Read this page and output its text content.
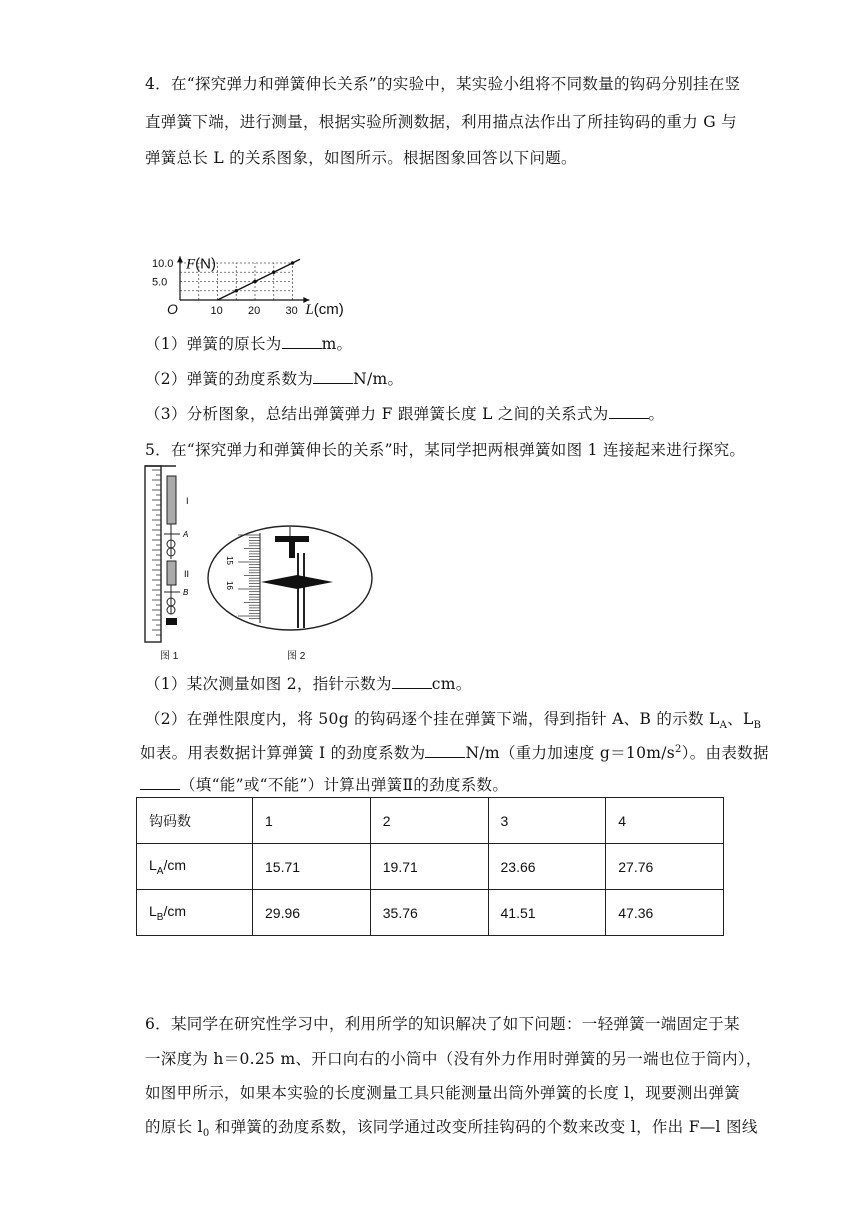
4．在“探究弹力和弹簧伸长关系”的实验中，某实验小组将不同数量的钩码分别挂在竖
直弹簧下端，进行测量，根据实验所测数据，利用描点法作出了所挂钩码的重力 G 与
弹簧总长 L 的关系图象，如图所示。根据图象回答以下问题。
10 20 30
5.0
10.0
O
F(N)
L(cm)
（1）弹簧的原长为	m。
（2）弹簧的劲度系数为	N/m。
（3）分析图象，总结出弹簧弹力 F 跟弹簧长度 L 之间的关系式为	。
5．在“探究弹力和弹簧伸长的关系”时，某同学把两根弹簧如图 1 连接起来进行探究。
I
A
II
B
15
16
图 1	图 2
（1）某次测量如图 2，指针示数为	cm。
（2）在弹性限度内，将 50g 的钩码逐个挂在弹簧下端，得到指针 A、B 的示数 $L_A$、$L_B$
如表。用表数据计算弹簧 I 的劲度系数为	N/m（重力加速度 $g=10m/s^2$）。由表数据
（填“能”或“不能”）计算出弹簧Ⅱ的劲度系数。
钩码数	1	2	3	4
$L_A/cm$	15.71	19.71	23.66	27.76
$L_B/cm$	29.96	35.76	41.51	47.36
6．某同学在研究性学习中，利用所学的知识解决了如下问题：一轻弹簧一端固定于某
一深度为 h＝0.25 m、开口向右的小筒中（没有外力作用时弹簧的另一端也位于筒内），
如图甲所示，如果本实验的长度测量工具只能测量出筒外弹簧的长度 l，现要测出弹簧
的原长 $l_0$ 和弹簧的劲度系数，该同学通过改变所挂钩码的个数来改变 l，作出 F—l 图线
